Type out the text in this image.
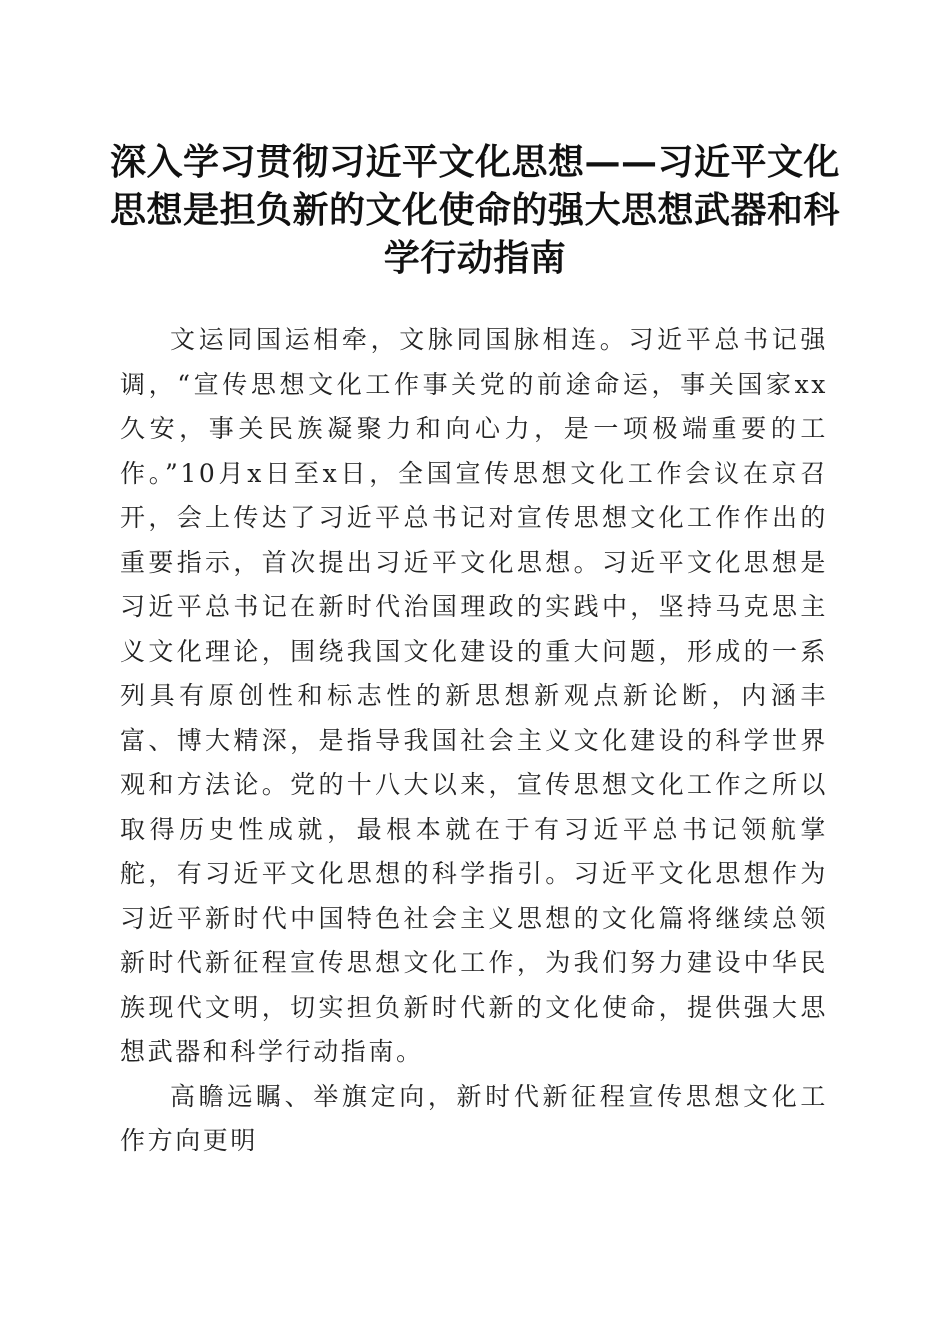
深入学习贯彻习近平文化思想——习近平文化思想是担负新的文化使命的强大思想武器和科学行动指南

文运同国运相牵，文脉同国脉相连。习近平总书记强调，“宣传思想文化工作事关党的前途命运，事关国家xx久安，事关民族凝聚力和向心力，是一项极端重要的工作。”10月x日至x日，全国宣传思想文化工作会议在京召开，会上传达了习近平总书记对宣传思想文化工作作出的重要指示，首次提出习近平文化思想。习近平文化思想是习近平总书记在新时代治国理政的实践中，坚持马克思主义文化理论，围绕我国文化建设的重大问题，形成的一系列具有原创性和标志性的新思想新观点新论断，内涵丰富、博大精深，是指导我国社会主义文化建设的科学世界观和方法论。党的十八大以来，宣传思想文化工作之所以取得历史性成就，最根本就在于有习近平总书记领航掌舵，有习近平文化思想的科学指引。习近平文化思想作为习近平新时代中国特色社会主义思想的文化篇将继续总领新时代新征程宣传思想文化工作，为我们努力建设中华民族现代文明，切实担负新时代新的文化使命，提供强大思想武器和科学行动指南。

高瞻远瞩、举旗定向，新时代新征程宣传思想文化工作方向更明
